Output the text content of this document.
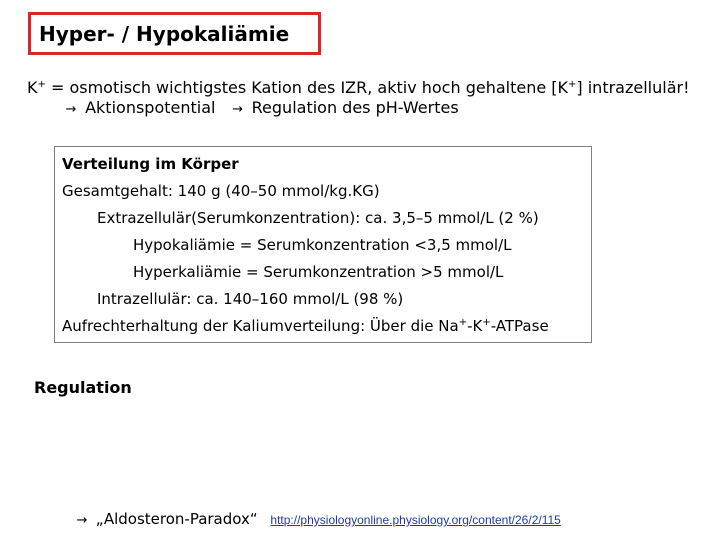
Hyper- / Hypokaliämie
K+ = osmotisch wichtigstes Kation des IZR, aktiv hoch gehaltene [K+] intrazellulär!
→ Aktionspotential → Regulation des pH-Wertes
Verteilung im Körper
Gesamtgehalt: 140 g (40–50 mmol/kg.KG)
Extrazellulär(Serumkonzentration): ca. 3,5–5 mmol/L (2 %)
Hypokaliämie = Serumkonzentration <3,5 mmol/L
Hyperkaliämie = Serumkonzentration >5 mmol/L
Intrazellulär: ca. 140–160 mmol/L (98 %)
Aufrechterhaltung der Kaliumverteilung: Über die Na+-K+-ATPase
Regulation
→ „Aldosteron-Paradox“ http://physiologyonline.physiology.org/content/26/2/115
